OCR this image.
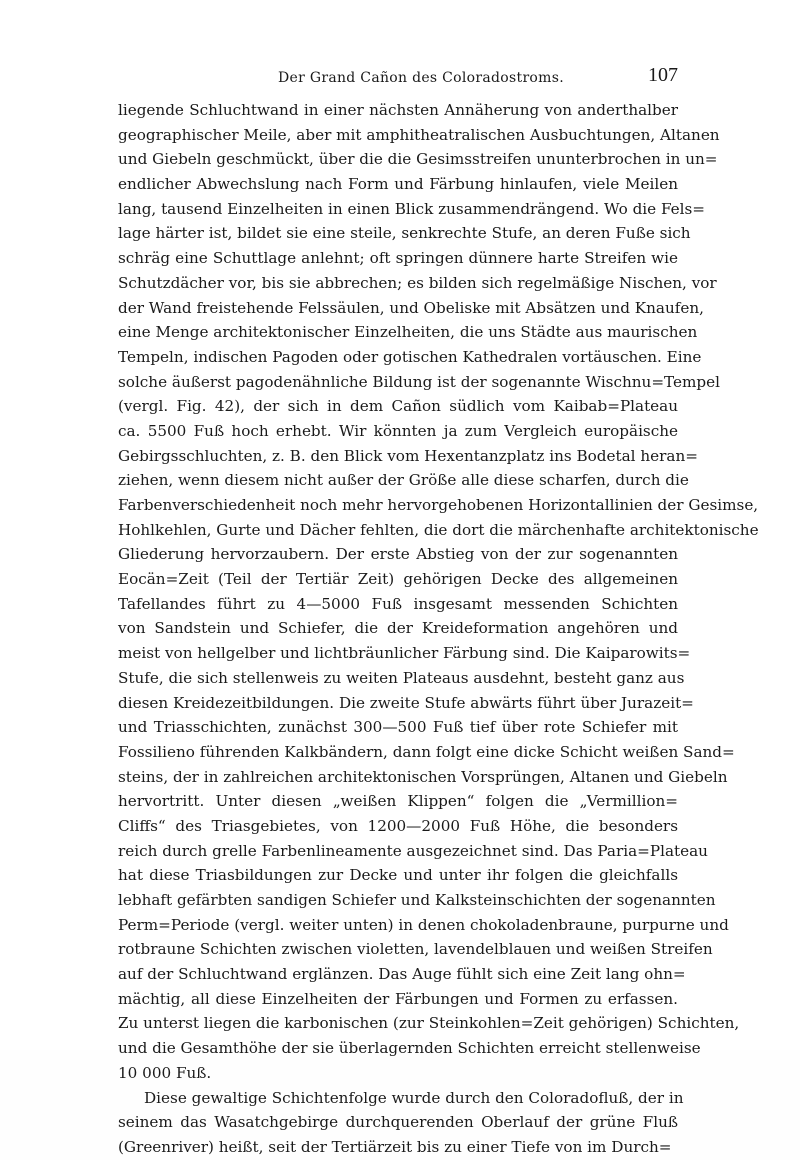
Der Grand Cañon des Coloradostroms.	107
liegende Schluchtwand in einer nächsten Annäherung von anderthalber
geographischer Meile, aber mit amphitheatralischen Ausbuchtungen, Altanen
und Giebeln geschmückt, über die die Gesimsstreifen ununterbrochen in un=
endlicher Abwechslung nach Form und Färbung hinlaufen, viele Meilen
lang, tausend Einzelheiten in einen Blick zusammendrängend. Wo die Fels=
lage härter ist, bildet sie eine steile, senkrechte Stufe, an deren Fuße sich
schräg eine Schuttlage anlehnt; oft springen dünnere harte Streifen wie
Schutzdächer vor, bis sie abbrechen; es bilden sich regelmäßige Nischen, vor
der Wand freistehende Felssäulen, und Obeliske mit Absätzen und Knaufen,
eine Menge architektonischer Einzelheiten, die uns Städte aus maurischen
Tempeln, indischen Pagoden oder gotischen Kathedralen vortäuschen. Eine
solche äußerst pagodenähnliche Bildung ist der sogenannte Wischnu=Tempel
(vergl. Fig. 42), der sich in dem Cañon südlich vom Kaibab=Plateau
ca. 5500 Fuß hoch erhebt. Wir könnten ja zum Vergleich europäische
Gebirgsschluchten, z. B. den Blick vom Hexentanzplatz ins Bodetal heran=
ziehen, wenn diesem nicht außer der Größe alle diese scharfen, durch die
Farbenverschiedenheit noch mehr hervorgehobenen Horizontallinien der Gesimse,
Hohlkehlen, Gurte und Dächer fehlten, die dort die märchenhafte architektonische
Gliederung hervorzaubern. Der erste Abstieg von der zur sogenannten
Eocän=Zeit (Teil der Tertiär Zeit) gehörigen Decke des allgemeinen
Tafellandes führt zu 4—5000 Fuß insgesamt messenden Schichten
von Sandstein und Schiefer, die der Kreideformation angehören und
meist von hellgelber und lichtbräunlicher Färbung sind. Die Kaiparowits=
Stufe, die sich stellenweis zu weiten Plateaus ausdehnt, besteht ganz aus
diesen Kreidezeitbildungen. Die zweite Stufe abwärts führt über Jurazeit=
und Triasschichten, zunächst 300—500 Fuß tief über rote Schiefer mit
Fossilieno führenden Kalkbändern, dann folgt eine dicke Schicht weißen Sand=
steins, der in zahlreichen architektonischen Vorsprüngen, Altanen und Giebeln
hervortritt. Unter diesen „weißen Klippen“ folgen die „Vermillion=
Cliffs“ des Triasgebietes, von 1200—2000 Fuß Höhe, die besonders
reich durch grelle Farbenlineamente ausgezeichnet sind. Das Paria=Plateau
hat diese Triasbildungen zur Decke und unter ihr folgen die gleichfalls
lebhaft gefärbten sandigen Schiefer und Kalksteinschichten der sogenannten
Perm=Periode (vergl. weiter unten) in denen chokoladenbraune, purpurne und
rotbraune Schichten zwischen violetten, lavendelblauen und weißen Streifen
auf der Schluchtwand erglänzen. Das Auge fühlt sich eine Zeit lang ohn=
mächtig, all diese Einzelheiten der Färbungen und Formen zu erfassen.
Zu unterst liegen die karbonischen (zur Steinkohlen=Zeit gehörigen) Schichten,
und die Gesamthöhe der sie überlagernden Schichten erreicht stellenweise
10 000 Fuß.
Diese gewaltige Schichtenfolge wurde durch den Coloradofluß, der in
seinem das Wasatchgebirge durchquerenden Oberlauf der grüne Fluß
(Greenriver) heißt, seit der Tertiärzeit bis zu einer Tiefe von im Durch=
